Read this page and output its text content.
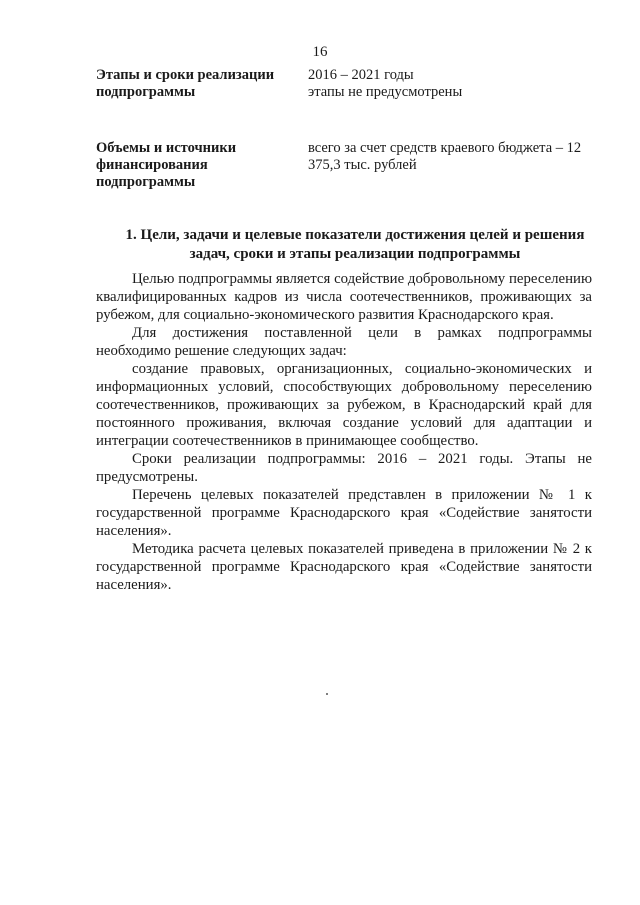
16
Этапы и сроки реализации подпрограммы
2016 – 2021 годы
этапы не предусмотрены
Объемы и источники финансирования подпрограммы
всего за счет средств краевого бюджета – 12 375,3 тыс. рублей
1. Цели, задачи и целевые показатели достижения целей и решения задач, сроки и этапы реализации подпрограммы

Целью подпрограммы является содействие добровольному переселению квалифицированных кадров из числа соотечественников, проживающих за рубежом, для социально-экономического развития Краснодарского края.

Для достижения поставленной цели в рамках подпрограммы необходимо решение следующих задач:

создание правовых, организационных, социально-экономических и информационных условий, способствующих добровольному переселению соотечественников, проживающих за рубежом, в Краснодарский край для постоянного проживания, включая создание условий для адаптации и интеграции соотечественников в принимающее сообщество.

Сроки реализации подпрограммы: 2016 – 2021 годы. Этапы не предусмотрены.

Перечень целевых показателей представлен в приложении № 1 к государственной программе Краснодарского края «Содействие занятости населения».

Методика расчета целевых показателей приведена в приложении № 2 к государственной программе Краснодарского края «Содействие занятости населения».
